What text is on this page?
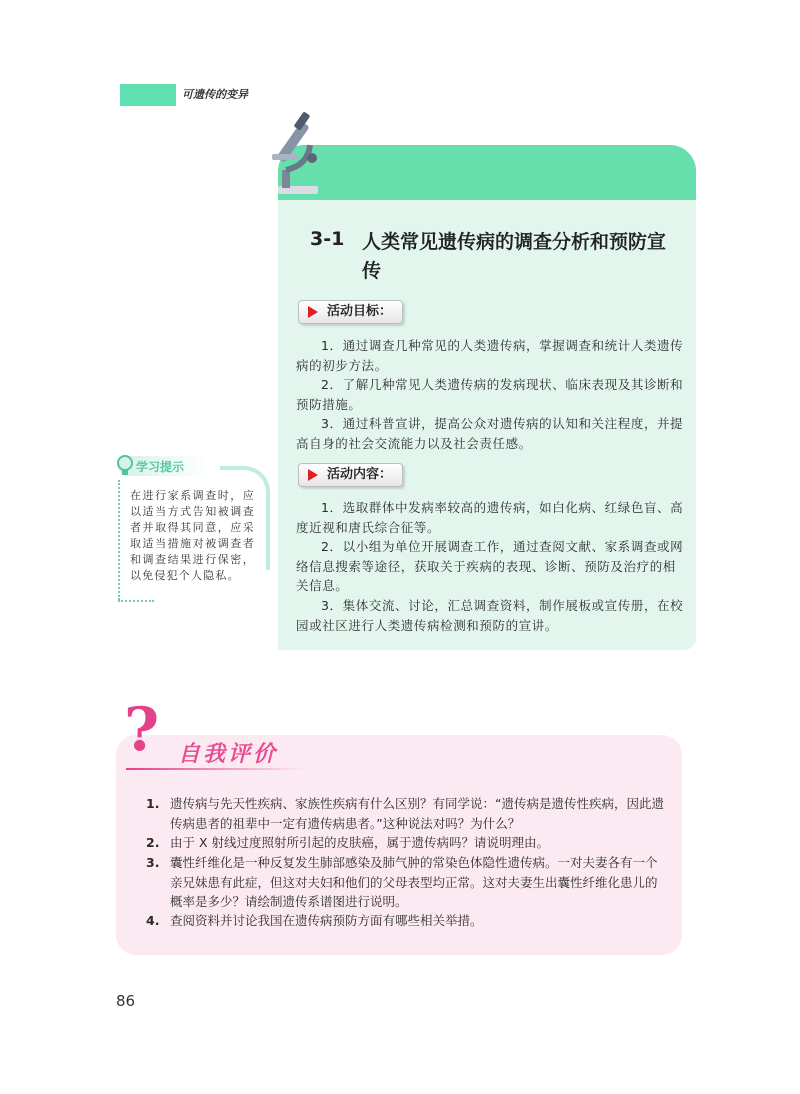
可遗传的变异
3-1 人类常见遗传病的调查分析和预防宣传
活动目标：
1．通过调查几种常见的人类遗传病，掌握调查和统计人类遗传病的初步方法。
2．了解几种常见人类遗传病的发病现状、临床表现及其诊断和预防措施。
3．通过科普宣讲，提高公众对遗传病的认知和关注程度，并提高自身的社会交流能力以及社会责任感。
活动内容：
1．选取群体中发病率较高的遗传病，如白化病、红绿色盲、高度近视和唐氏综合征等。
2．以小组为单位开展调查工作，通过查阅文献、家系调查或网络信息搜索等途径，获取关于疾病的表现、诊断、预防及治疗的相关信息。
3．集体交流、讨论，汇总调查资料，制作展板或宣传册，在校园或社区进行人类遗传病检测和预防的宣讲。
学习提示
在进行家系调查时，应以适当方式告知被调查者并取得其同意，应采取适当措施对被调查者和调查结果进行保密，以免侵犯个人隐私。
? 自我评价
1. 遗传病与先天性疾病、家族性疾病有什么区别？有同学说：“遗传病是遗传性疾病，因此遗传病患者的祖辈中一定有遗传病患者。”这种说法对吗？为什么？
2. 由于 X 射线过度照射所引起的皮肤癌，属于遗传病吗？请说明理由。
3. 囊性纤维化是一种反复发生肺部感染及肺气肿的常染色体隐性遗传病。一对夫妻各有一个亲兄妹患有此症，但这对夫妇和他们的父母表型均正常。这对夫妻生出囊性纤维化患儿的概率是多少？请绘制遗传系谱图进行说明。
4. 查阅资料并讨论我国在遗传病预防方面有哪些相关举措。
86
